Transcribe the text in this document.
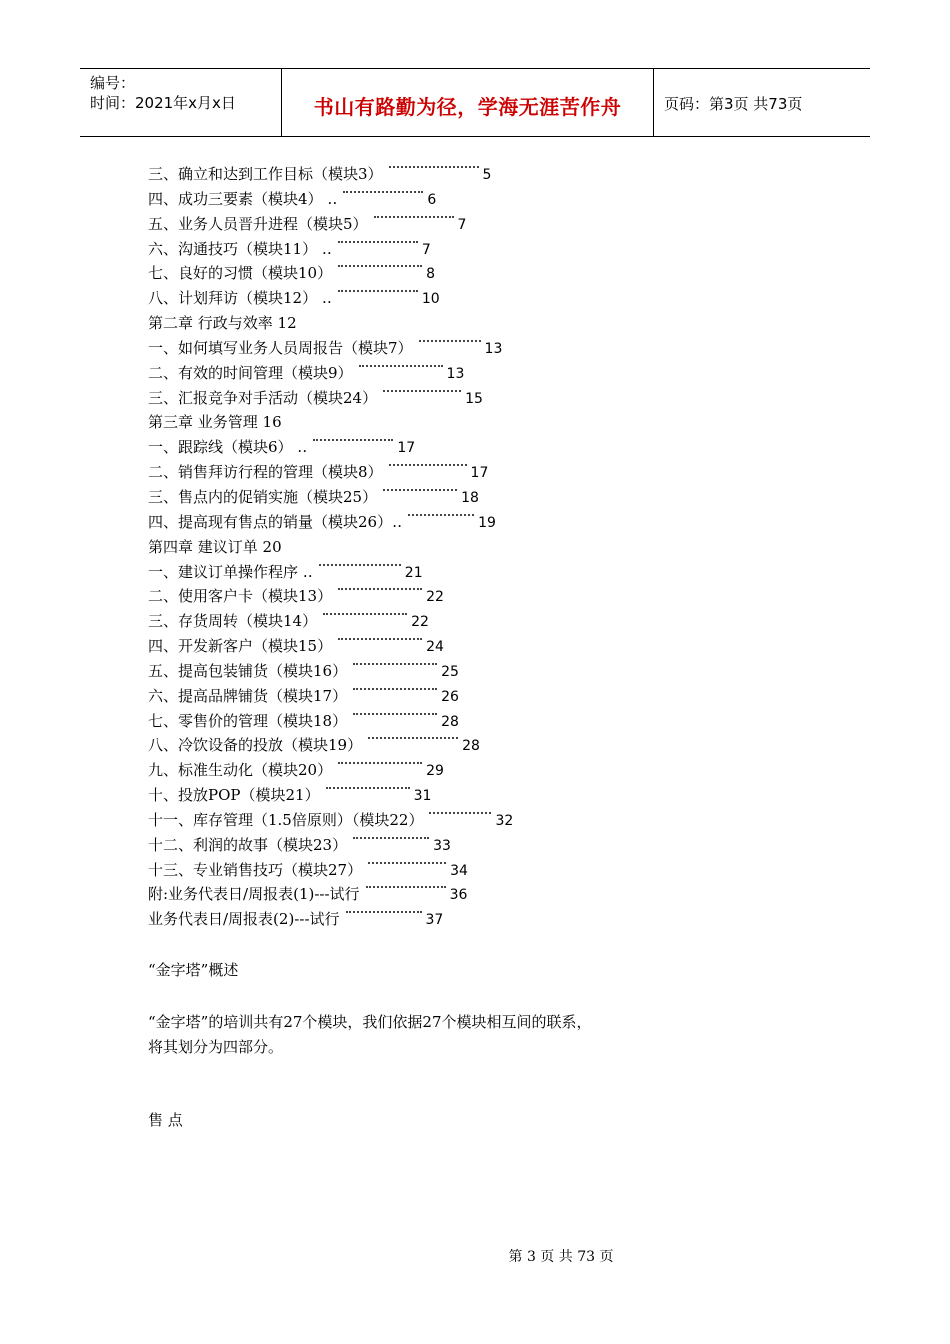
编号：
时间：2021年x月x日	书山有路勤为径，学海无涯苦作舟	页码：第3页 共73页
三、确立和达到工作目标（模块3）	5
四、成功三要素（模块4） ‥	6
五、业务人员晋升进程（模块5）	7
六、沟通技巧（模块11） ‥	7
七、良好的习惯（模块10）	8
八、计划拜访（模块12） ‥	10
第二章 行政与效率 12
一、如何填写业务人员周报告（模块7）	13
二、有效的时间管理（模块9）	13
三、汇报竞争对手活动（模块24）	15
第三章 业务管理 16
一、跟踪线（模块6） ‥	17
二、销售拜访行程的管理（模块8）	17
三、售点内的促销实施（模块25）	18
四、提高现有售点的销量（模块26）‥	19
第四章 建议订单 20
一、建议订单操作程序 ‥	21
二、使用客户卡（模块13）	22
三、存货周转（模块14）	22
四、开发新客户（模块15）	24
五、提高包装铺货（模块16）	25
六、提高品牌铺货（模块17）	26
七、零售价的管理（模块18）	28
八、冷饮设备的投放（模块19）	28
九、标准生动化（模块20）	29
十、投放POP（模块21）	31
十一、库存管理（1.5倍原则）（模块22）	32
十二、利润的故事（模块23）	33
十三、专业销售技巧（模块27）	34
附:业务代表日/周报表(1)---试行	36
业务代表日/周报表(2)---试行	37
“金字塔”概述
“金字塔”的培训共有27个模块，我们依据27个模块相互间的联系，
将其划分为四部分。
售 点
第 3 页 共 73 页
